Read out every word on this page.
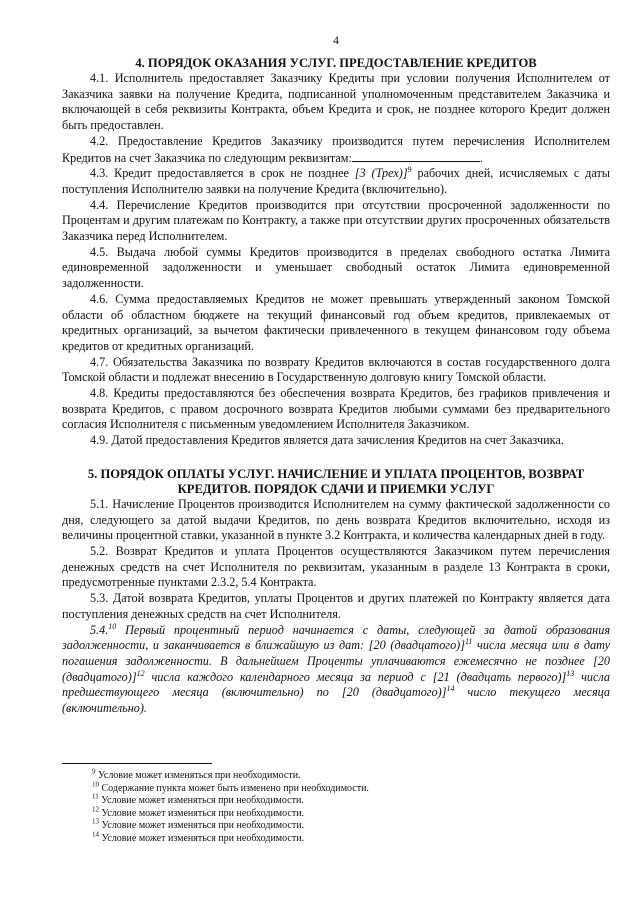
4
4. ПОРЯДОК ОКАЗАНИЯ УСЛУГ. ПРЕДОСТАВЛЕНИЕ КРЕДИТОВ

4.1. Исполнитель предоставляет Заказчику Кредиты при условии получения Исполнителем от Заказчика заявки на получение Кредита, подписанной уполномоченным представителем Заказчика и включающей в себя реквизиты Контракта, объем Кредита и срок, не позднее которого Кредит должен быть предоставлен.

4.2. Предоставление Кредитов Заказчику производится путем перечисления Исполнителем Кредитов на счет Заказчика по следующим реквизитам:	.

4.3. Кредит предоставляется в срок не позднее [3 (Трех)]$^9$ рабочих дней, исчисляемых с даты поступления Исполнителю заявки на получение Кредита (включительно).

4.4. Перечисление Кредитов производится при отсутствии просроченной задолженности по Процентам и другим платежам по Контракту, а также при отсутствии других просроченных обязательств Заказчика перед Исполнителем.

4.5. Выдача любой суммы Кредитов производится в пределах свободного остатка Лимита единовременной задолженности и уменьшает свободный остаток Лимита единовременной задолженности.

4.6. Сумма предоставляемых Кредитов не может превышать утвержденный законом Томской области об областном бюджете на текущий финансовый год объем кредитов, привлекаемых от кредитных организаций, за вычетом фактически привлеченного в текущем финансовом году объема кредитов от кредитных организаций.

4.7. Обязательства Заказчика по возврату Кредитов включаются в состав государственного долга Томской области и подлежат внесению в Государственную долговую книгу Томской области.

4.8. Кредиты предоставляются без обеспечения возврата Кредитов, без графиков привлечения и возврата Кредитов, с правом досрочного возврата Кредитов любыми суммами без предварительного согласия Исполнителя с письменным уведомлением Исполнителя Заказчиком.

4.9. Датой предоставления Кредитов является дата зачисления Кредитов на счет Заказчика.

5. ПОРЯДОК ОПЛАТЫ УСЛУГ. НАЧИСЛЕНИЕ И УПЛАТА ПРОЦЕНТОВ, ВОЗВРАТ
КРЕДИТОВ. ПОРЯДОК СДАЧИ И ПРИЕМКИ УСЛУГ

5.1. Начисление Процентов производится Исполнителем на сумму фактической задолженности со дня, следующего за датой выдачи Кредитов, по день возврата Кредитов включительно, исходя из величины процентной ставки, указанной в пункте 3.2 Контракта, и количества календарных дней в году.

5.2. Возврат Кредитов и уплата Процентов осуществляются Заказчиком путем перечисления денежных средств на счет Исполнителя по реквизитам, указанным в разделе 13 Контракта в сроки, предусмотренные пунктами 2.3.2, 5.4 Контракта.

5.3. Датой возврата Кредитов, уплаты Процентов и других платежей по Контракту является дата поступления денежных средств на счет Исполнителя.

5.4.10 Первый процентный период начинается с даты, следующей за датой образования задолженности, и заканчивается в ближайшую из дат: [20 (двадцатого)]$^{11}$ числа месяца или в дату погашения задолженности. В дальнейшем Проценты уплачиваются ежемесячно не позднее [20 (двадцатого)]$^{12}$ числа каждого календарного месяца за период с [21 (двадцать первого)]$^{13}$ числа предшествующего месяца (включительно) по [20 (двадцатого)]$^{14}$ число текущего месяца (включительно).

$^9$ Условие может изменяться при необходимости.
$^{10}$ Содержание пункта может быть изменено при необходимости.
$^{11}$ Условие может изменяться при необходимости.
$^{12}$ Условие может изменяться при необходимости.
$^{13}$ Условие может изменяться при необходимости.
$^{14}$ Условие может изменяться при необходимости.
